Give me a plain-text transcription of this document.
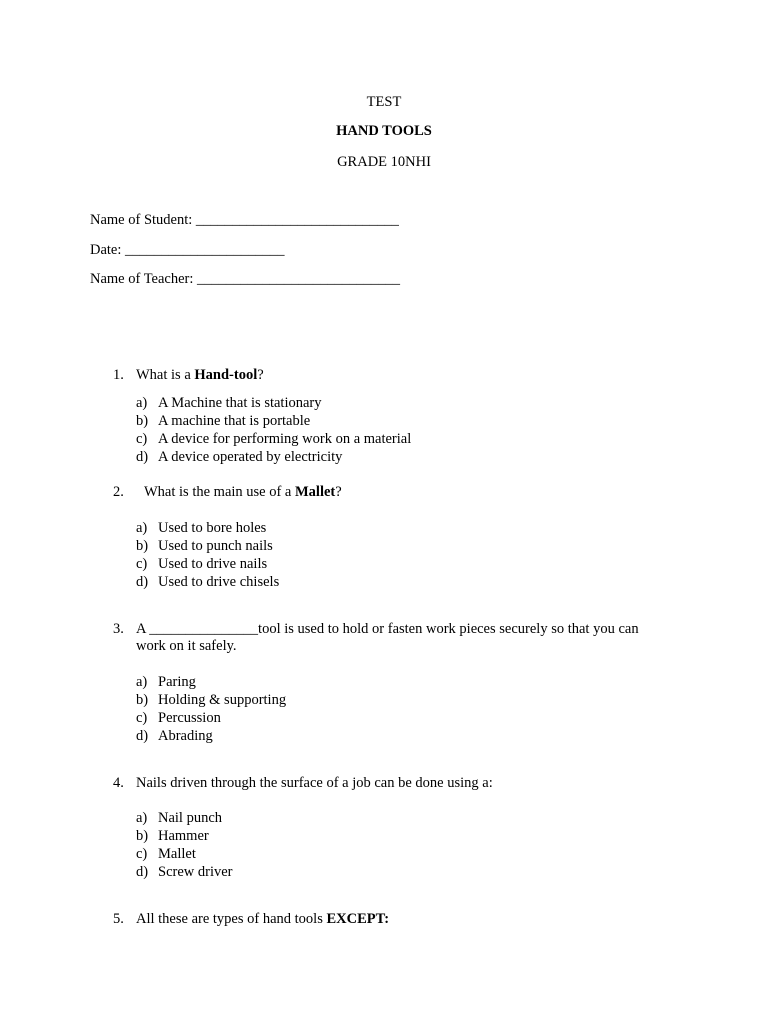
TEST
HAND TOOLS
GRADE 10NHI
Name of Student: ____________________________
Date: ______________________
Name of Teacher: ____________________________
1. What is a Hand-tool?
a) A Machine that is stationary
b) A machine that is portable
c) A device for performing work on a material
d) A device operated by electricity
2. What is the main use of a Mallet?
a) Used to bore holes
b) Used to punch nails
c) Used to drive nails
d) Used to drive chisels
3. A _______________tool is used to hold or fasten work pieces securely so that you can
work on it safely.
a) Paring
b) Holding & supporting
c) Percussion
d) Abrading
4. Nails driven through the surface of a job can be done using a:
a) Nail punch
b) Hammer
c) Mallet
d) Screw driver
5. All these are types of hand tools EXCEPT:
